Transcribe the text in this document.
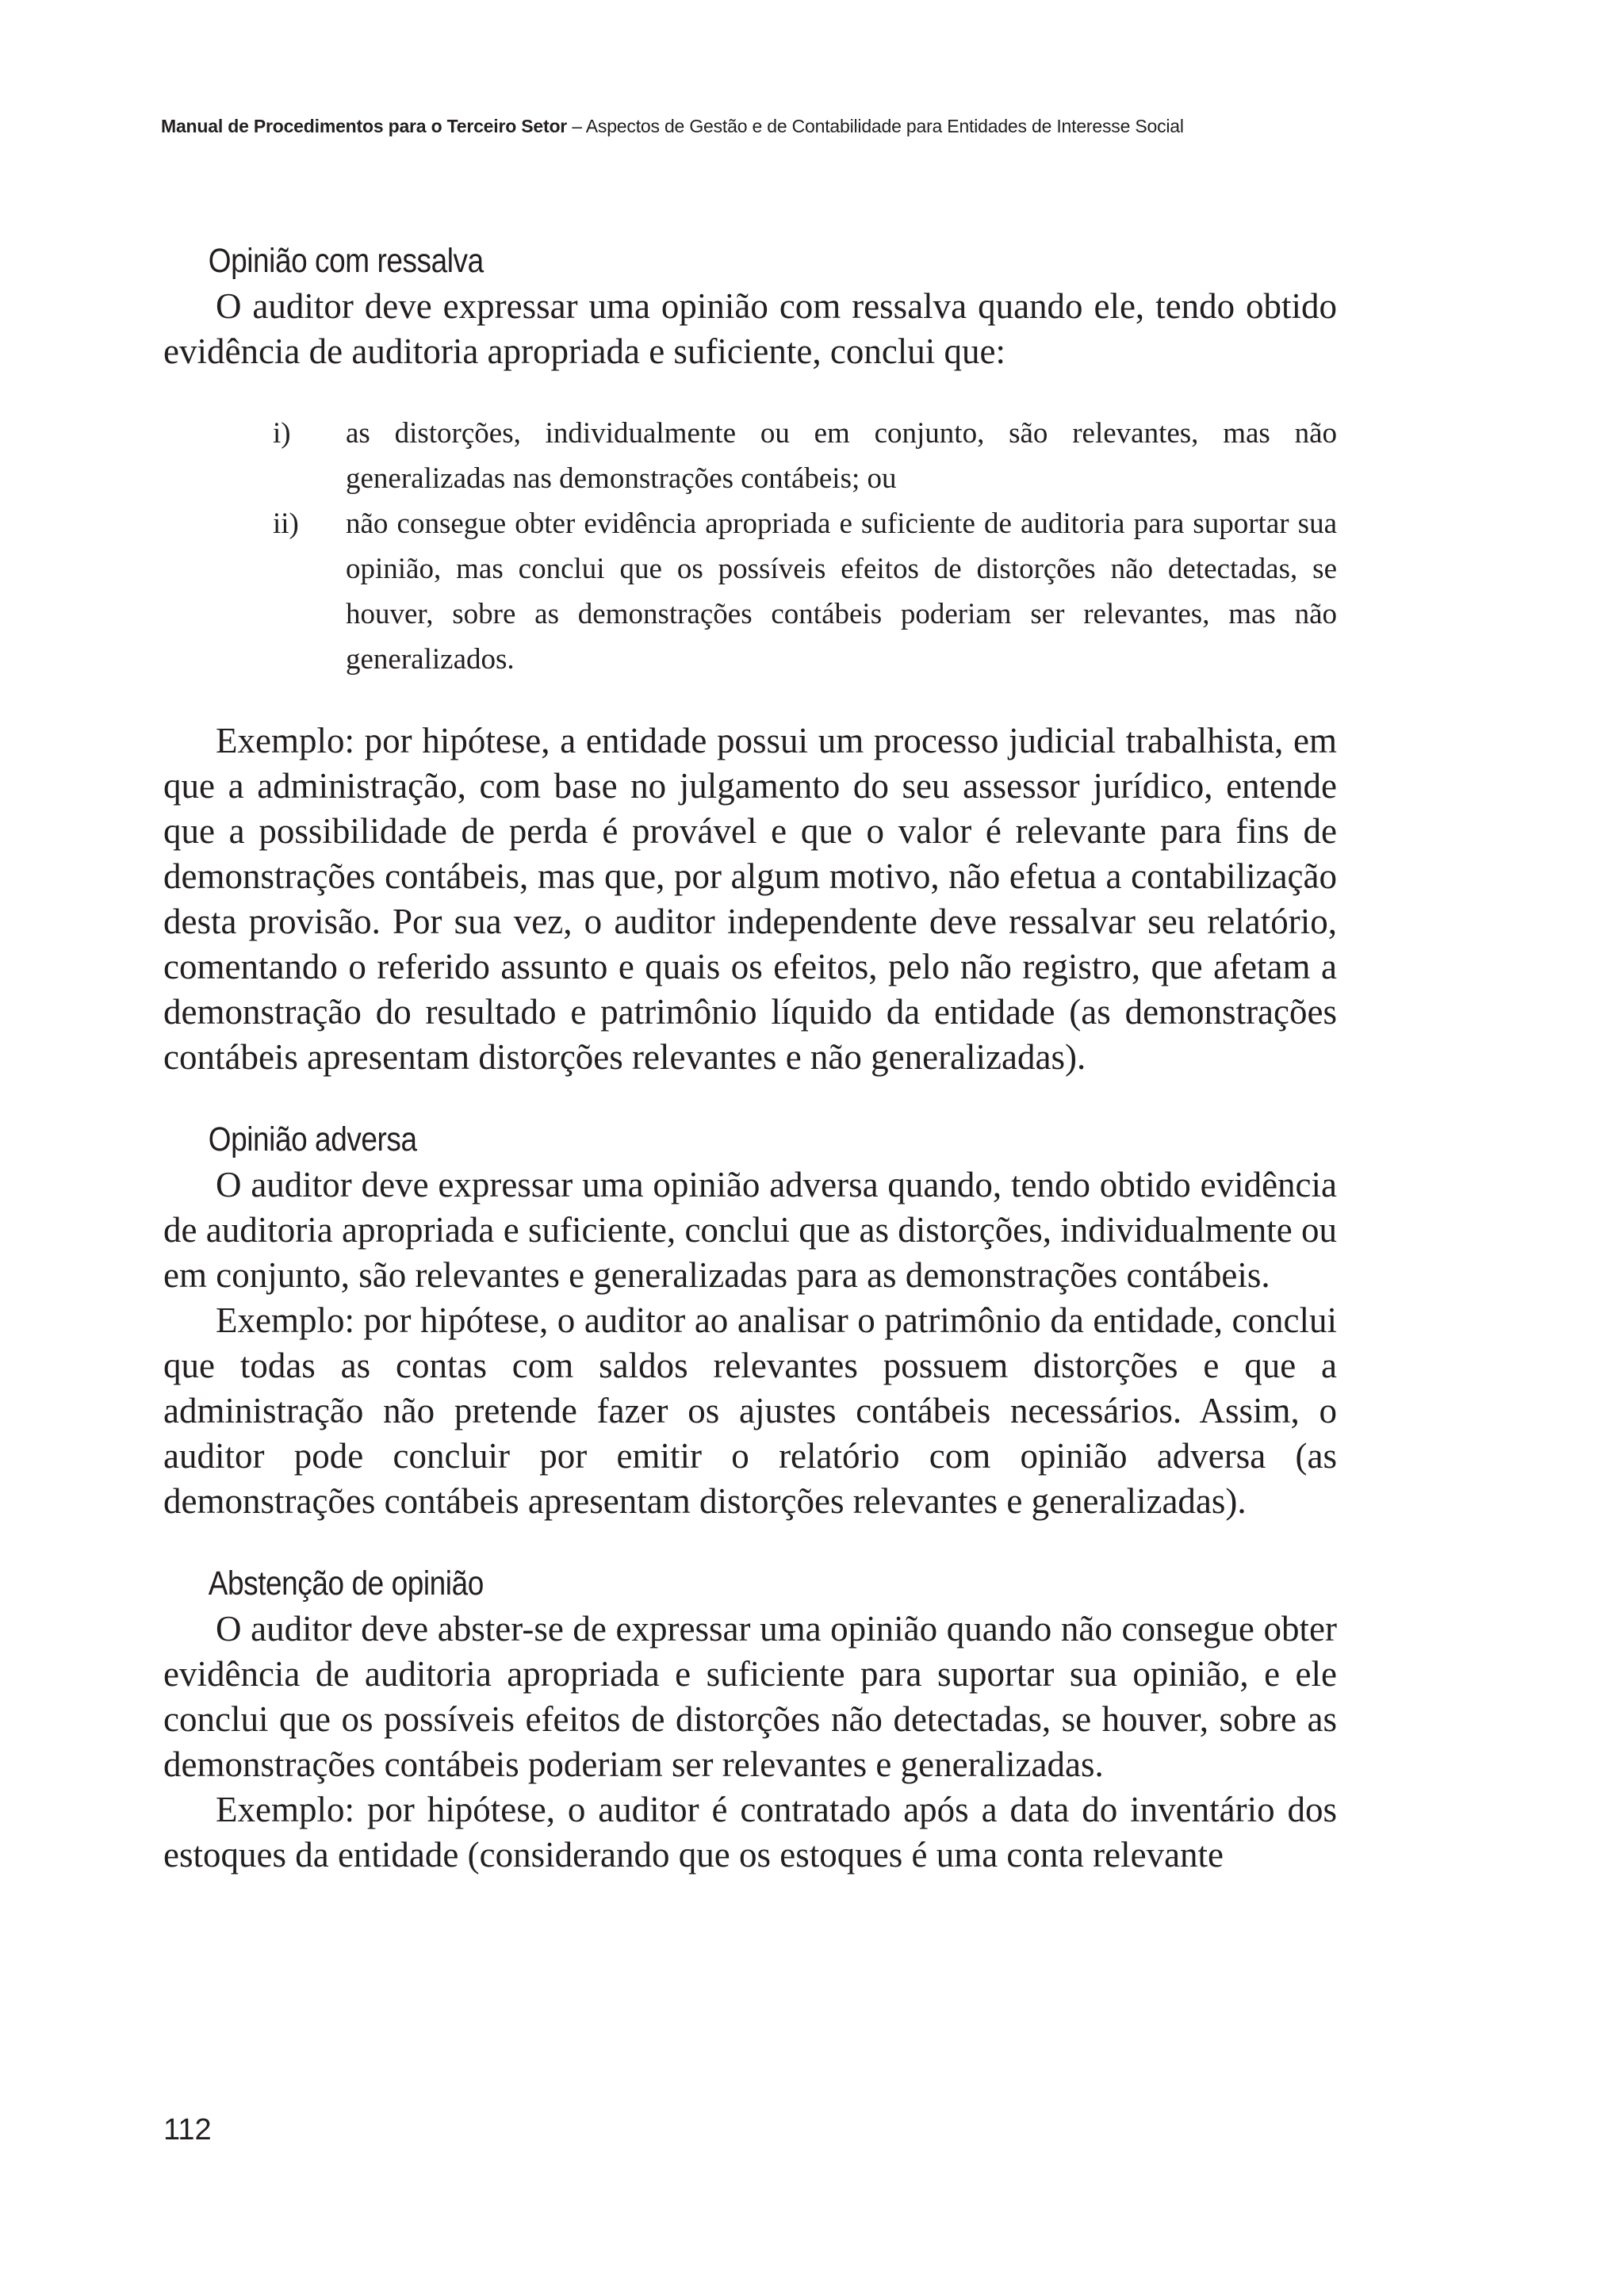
Manual de Procedimentos para o Terceiro Setor – Aspectos de Gestão e de Contabilidade para Entidades de Interesse Social
Opinião com ressalva

O auditor deve expressar uma opinião com ressalva quando ele, tendo obtido evidência de auditoria apropriada e suficiente, conclui que:

i) as distorções, individualmente ou em conjunto, são relevantes, mas não generalizadas nas demonstrações contábeis; ou
ii) não consegue obter evidência apropriada e suficiente de auditoria para suportar sua opinião, mas conclui que os possíveis efeitos de distorções não detectadas, se houver, sobre as demonstrações contábeis poderiam ser relevantes, mas não generalizados.

Exemplo: por hipótese, a entidade possui um processo judicial trabalhista, em que a administração, com base no julgamento do seu assessor jurídico, entende que a possibilidade de perda é provável e que o valor é relevante para fins de demonstrações contábeis, mas que, por algum motivo, não efetua a contabilização desta provisão. Por sua vez, o auditor independente deve ressalvar seu relatório, comentando o referido assunto e quais os efeitos, pelo não registro, que afetam a demonstração do resultado e patrimônio líquido da entidade (as demonstrações contábeis apresentam distorções relevantes e não generalizadas).

Opinião adversa

O auditor deve expressar uma opinião adversa quando, tendo obtido evidência de auditoria apropriada e suficiente, conclui que as distorções, individualmente ou em conjunto, são relevantes e generalizadas para as demonstrações contábeis.

Exemplo: por hipótese, o auditor ao analisar o patrimônio da entidade, conclui que todas as contas com saldos relevantes possuem distorções e que a administração não pretende fazer os ajustes contábeis necessários. Assim, o auditor pode concluir por emitir o relatório com opinião adversa (as demonstrações contábeis apresentam distorções relevantes e generalizadas).

Abstenção de opinião

O auditor deve abster-se de expressar uma opinião quando não consegue obter evidência de auditoria apropriada e suficiente para suportar sua opinião, e ele conclui que os possíveis efeitos de distorções não detectadas, se houver, sobre as demonstrações contábeis poderiam ser relevantes e generalizadas.

Exemplo: por hipótese, o auditor é contratado após a data do inventário dos estoques da entidade (considerando que os estoques é uma conta relevante

112
